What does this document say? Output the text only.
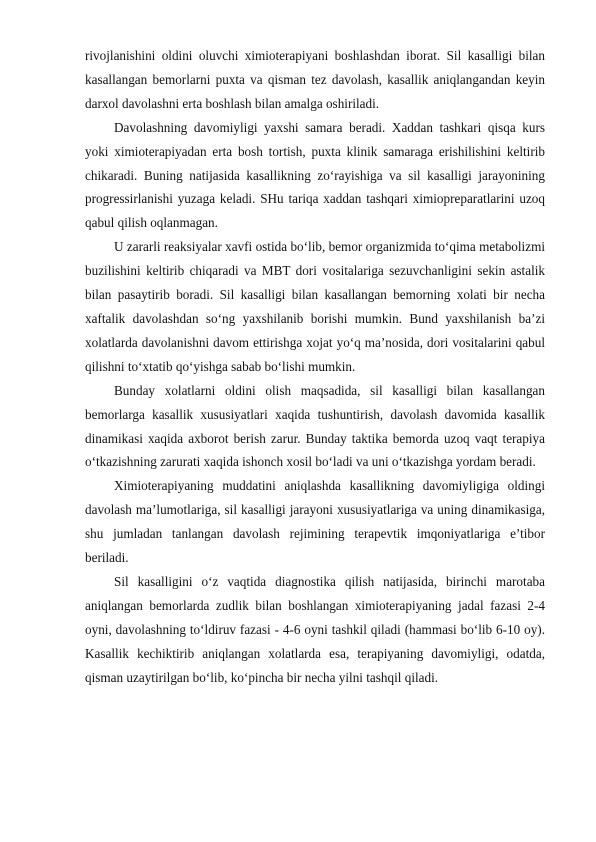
rivojlanishini oldini oluvchi ximioterapiyani boshlashdan iborat. Sil kasalligi bilan kasallangan bemorlarni puxta va qisman tez davolash, kasallik aniqlangandan keyin darxol davolashni erta boshlash bilan amalga oshiriladi.

Davolashning davomiyligi yaxshi samara beradi. Xaddan tashkari qisqa kurs yoki ximioterapiyadan erta bosh tortish, puxta klinik samaraga erishilishini keltirib chikaradi. Buning natijasida kasallikning zo‘rayishiga va sil kasalligi jarayonining progressirlanishi yuzaga keladi. SHu tariqa xaddan tashqari ximiopreparatlarini uzoq qabul qilish oqlanmagan.

U zararli reaksiyalar xavfi ostida bo‘lib, bemor organizmida to‘qima metabolizmi buzilishini keltirib chiqaradi va MBT dori vositalariga sezuvchanligini sekin astalik bilan pasaytirib boradi. Sil kasalligi bilan kasallangan bemorning xolati bir necha xaftalik davolashdan so‘ng yaxshilanib borishi mumkin. Bund yaxshilanish ba’zi xolatlarda davolanishni davom ettirishga xojat yo‘q ma’nosida, dori vositalarini qabul qilishni to‘xtatib qo‘yishga sabab bo‘lishi mumkin.

Bunday xolatlarni oldini olish maqsadida, sil kasalligi bilan kasallangan bemorlarga kasallik xususiyatlari xaqida tushuntirish, davolash davomida kasallik dinamikasi xaqida axborot berish zarur. Bunday taktika bemorda uzoq vaqt terapiya o‘tkazishning zarurati xaqida ishonch xosil bo‘ladi va uni o‘tkazishga yordam beradi.

Ximioterapiyaning muddatini aniqlashda kasallikning davomiyligiga oldingi davolash ma’lumotlariga, sil kasalligi jarayoni xususiyatlariga va uning dinamikasiga, shu jumladan tanlangan davolash rejimining terapevtik imqoniyatlariga e’tibor beriladi.

Sil kasalligini o‘z vaqtida diagnostika qilish natijasida, birinchi marotaba aniqlangan bemorlarda zudlik bilan boshlangan ximioterapiyaning jadal fazasi 2-4 oyni, davolashning to‘ldiruv fazasi - 4-6 oyni tashkil qiladi (hammasi bo‘lib 6-10 oy). Kasallik kechiktirib aniqlangan xolatlarda esa, terapiyaning davomiyligi, odatda, qisman uzaytirilgan bo‘lib, ko‘pincha bir necha yilni tashqil qiladi.
